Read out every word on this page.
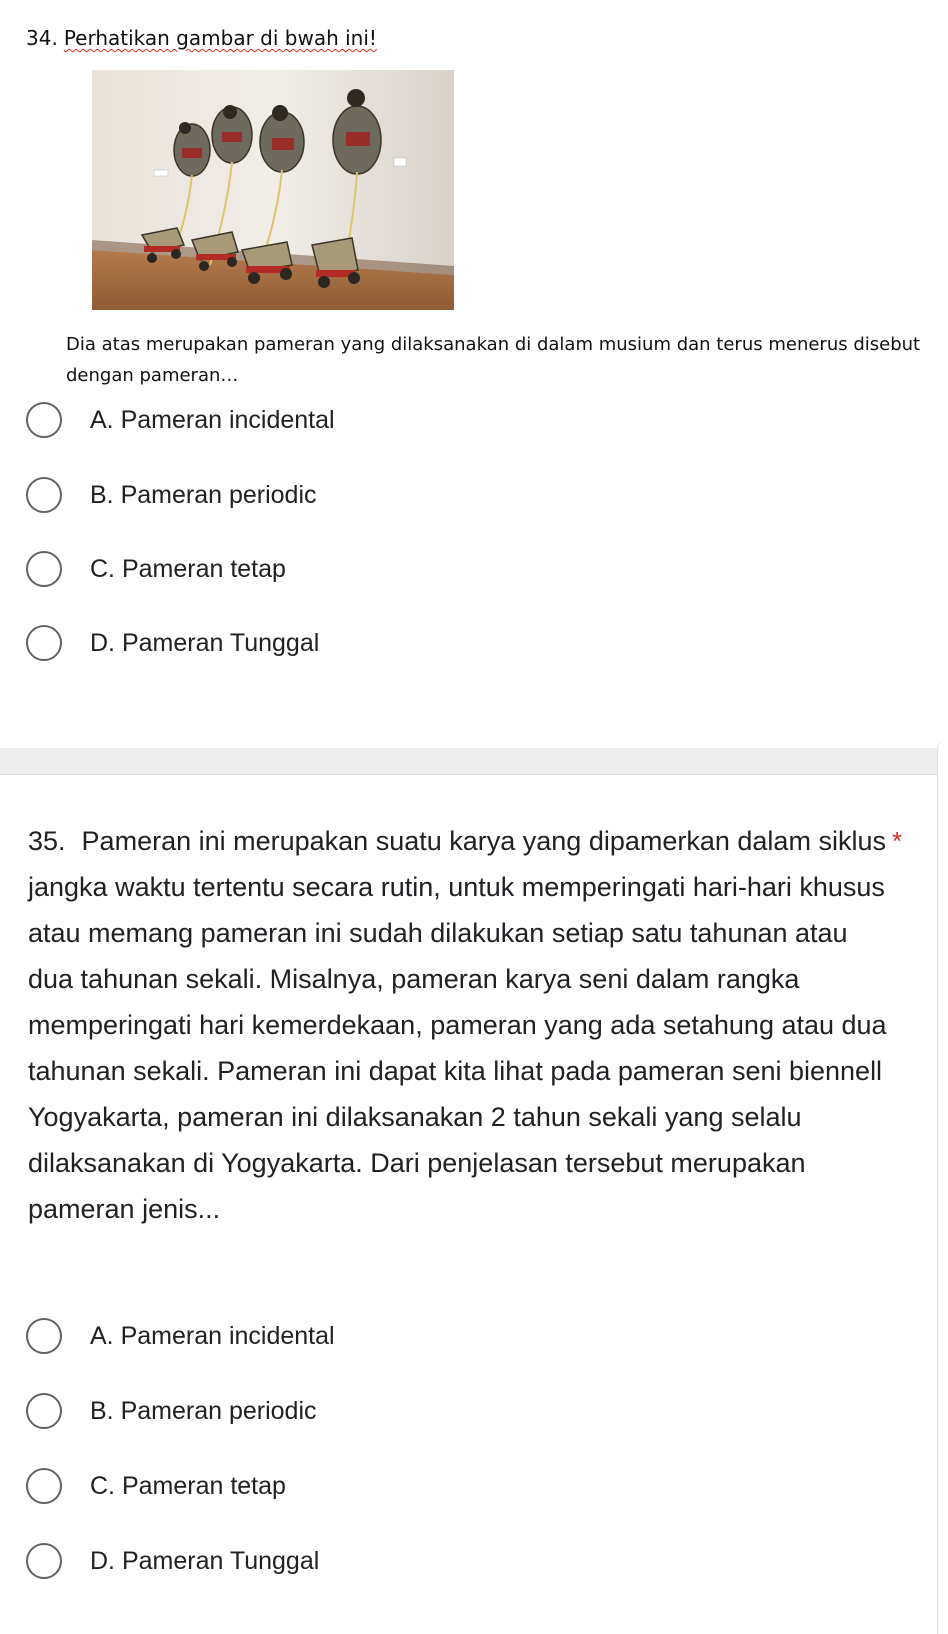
34. Perhatikan gambar di bwah ini!
Dia atas merupakan pameran yang dilaksanakan di dalam musium dan terus menerus disebut dengan pameran…
A. Pameran incidental
B. Pameran periodic
C. Pameran tetap
D. Pameran Tunggal
35. Pameran ini merupakan suatu karya yang dipamerkan dalam siklus jangka waktu tertentu secara rutin, untuk memperingati hari-hari khusus atau memang pameran ini sudah dilakukan setiap satu tahunan atau dua tahunan sekali. Misalnya, pameran karya seni dalam rangka memperingati hari kemerdekaan, pameran yang ada setahung atau dua tahunan sekali. Pameran ini dapat kita lihat pada pameran seni biennell Yogyakarta, pameran ini dilaksanakan 2 tahun sekali yang selalu dilaksanakan di Yogyakarta. Dari penjelasan tersebut merupakan pameran jenis...
*
A. Pameran incidental
B. Pameran periodic
C. Pameran tetap
D. Pameran Tunggal
